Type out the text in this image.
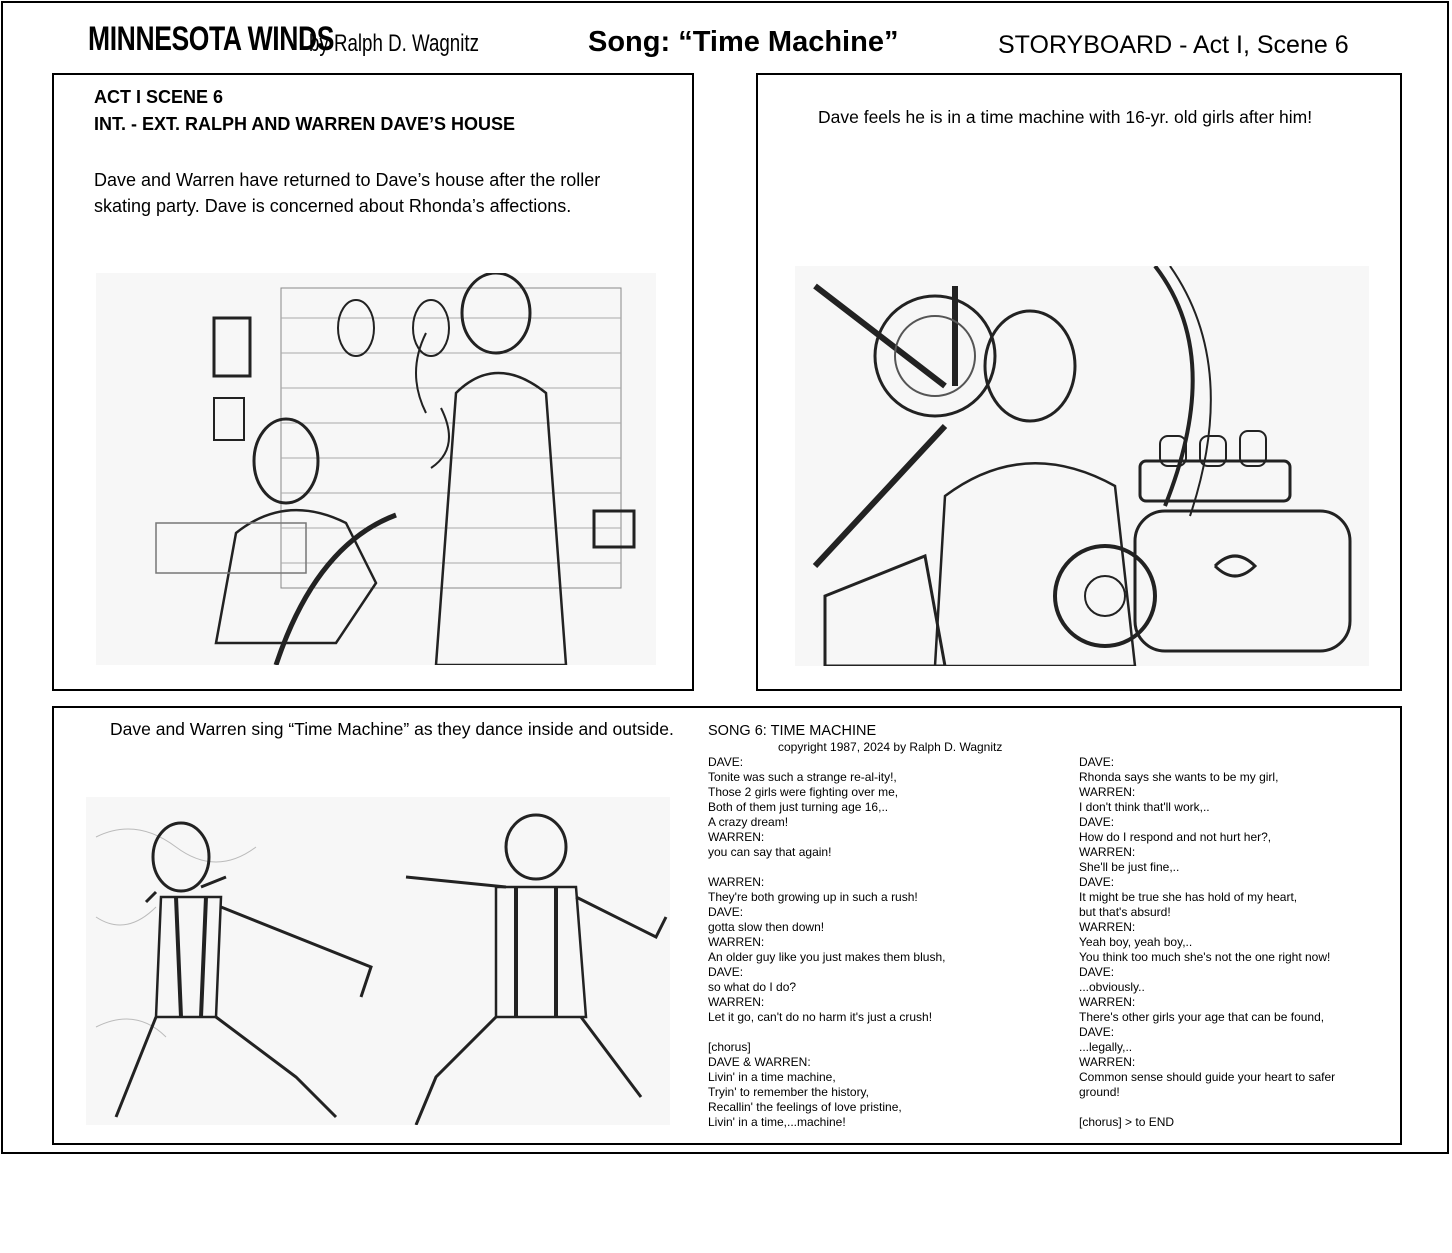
MINNESOTA WINDS
by Ralph D. Wagnitz	Song: “Time Machine”	STORYBOARD - Act I, Scene 6
ACT I SCENE 6
INT. - EXT. RALPH AND WARREN DAVE’S HOUSE
Dave and Warren have returned to Dave’s house after the roller skating party. Dave is concerned about Rhonda’s affections.
Dave feels he is in a time machine with 16-yr. old girls after him!
Dave and Warren sing “Time Machine” as they dance inside and outside. SONG 6: TIME MACHINE
copyright 1987, 2024 by Ralph D. Wagnitz
DAVE:
Tonite was such a strange re-al-ity!,
Those 2 girls were fighting over me,
Both of them just turning age 16,..
A crazy dream!
WARREN:
you can say that again!
WARREN:
They're both growing up in such a rush!
DAVE:
gotta slow then down!
WARREN:
An older guy like you just makes them blush,
DAVE:
so what do I do?
WARREN:
Let it go, can't do no harm it's just a crush!
[chorus]
DAVE & WARREN:
Livin' in a time machine,
Tryin' to remember the history,
Recallin' the feelings of love pristine,
Livin' in a time,...machine!
DAVE:
Rhonda says she wants to be my girl,
WARREN:
I don't think that'll work,..
DAVE:
How do I respond and not hurt her?,
WARREN:
She'll be just fine,..
DAVE:
It might be true she has hold of my heart,
but that's absurd!
WARREN:
Yeah boy, yeah boy,..
You think too much she's not the one right now!
DAVE:
...obviously..
WARREN:
There's other girls your age that can be found,
DAVE:
...legally,..
WARREN:
Common sense should guide your heart to safer
ground!
[chorus] > to END
